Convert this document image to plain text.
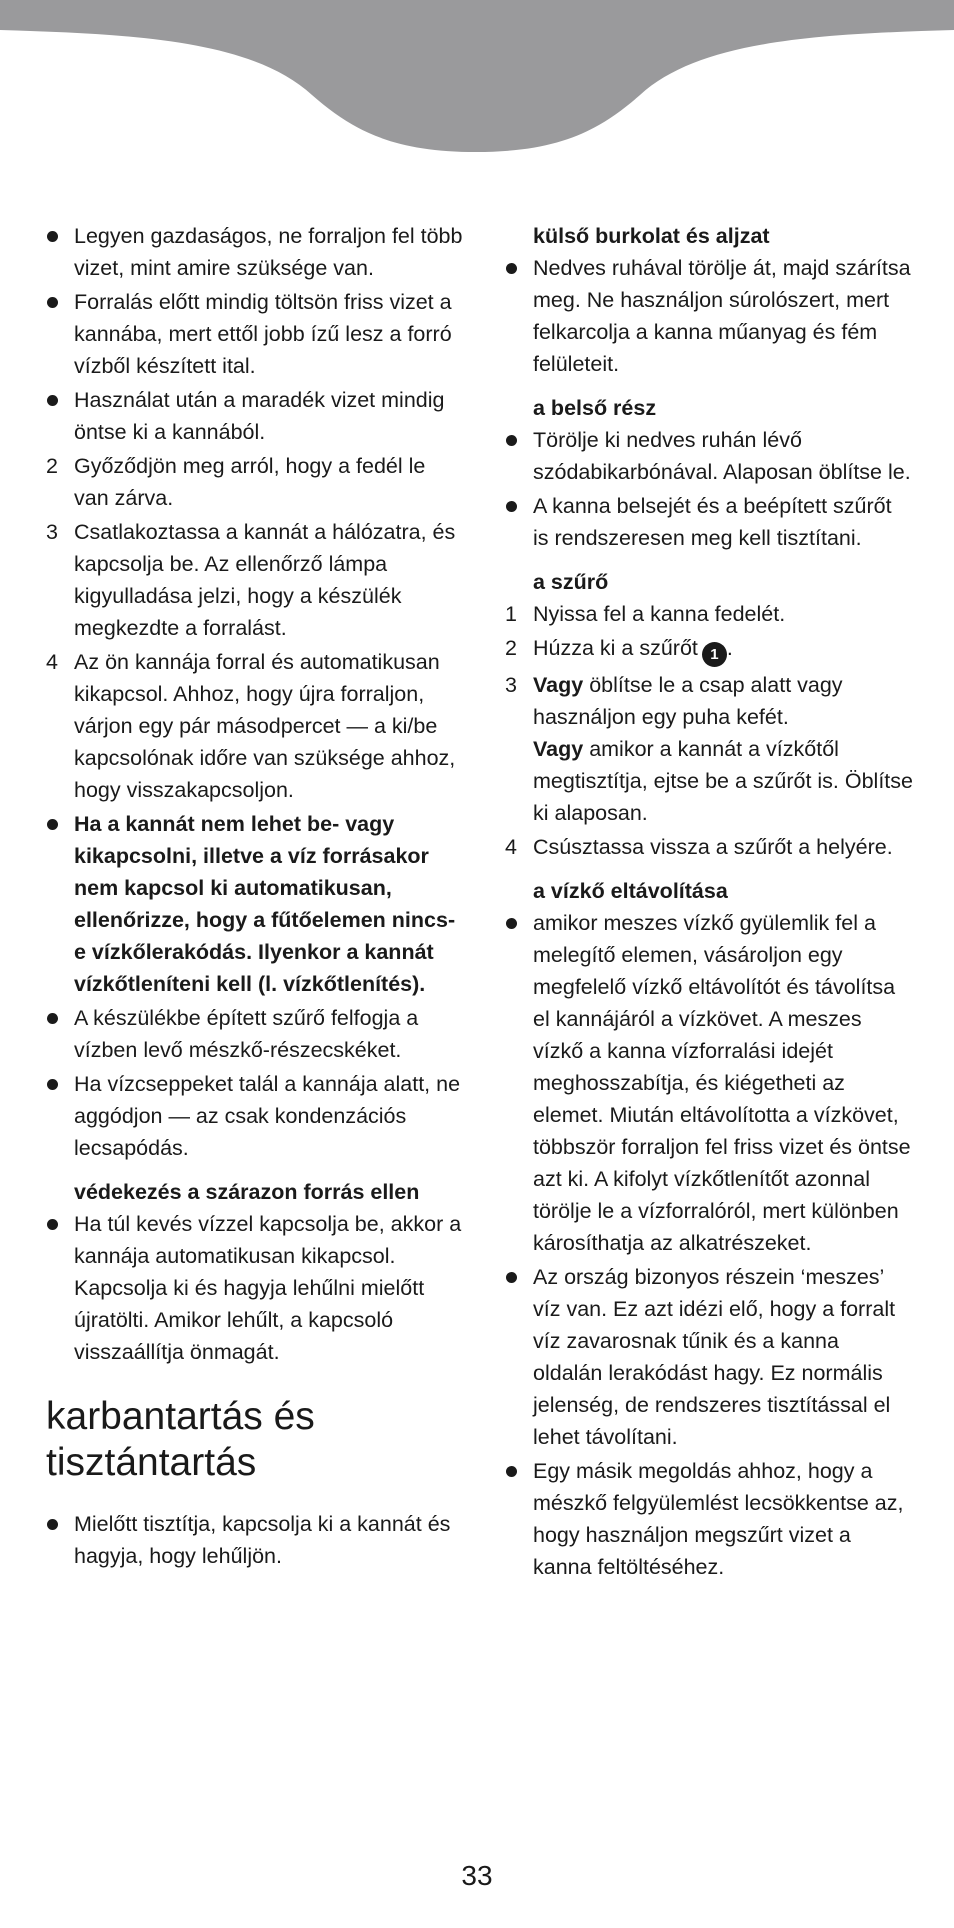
Legyen gazdaságos, ne forraljon fel több vizet, mint amire szüksége van.
Forralás előtt mindig töltsön friss vizet a kannába, mert ettől jobb ízű lesz a forró vízből készített ital.
Használat után a maradék vizet mindig öntse ki a kannából.
2 Győződjön meg arról, hogy a fedél le van zárva.
3 Csatlakoztassa a kannát a hálózatra, és kapcsolja be. Az ellenőrző lámpa kigyulladása jelzi, hogy a készülék megkezdte a forralást.
4 Az ön kannája forral és automatikusan kikapcsol. Ahhoz, hogy újra forraljon, várjon egy pár másodpercet — a ki/be kapcsolónak időre van szüksége ahhoz, hogy visszakapcsoljon.
Ha a kannát nem lehet be- vagy kikapcsolni, illetve a víz forrásakor nem kapcsol ki automatikusan, ellenőrizze, hogy a fűtőelemen nincs-e vízkőlerakódás. Ilyenkor a kannát vízkőtleníteni kell (l. vízkőtlenítés).
A készülékbe épített szűrő felfogja a vízben levő mészkő-részecskéket.
Ha vízcseppeket talál a kannája alatt, ne aggódjon — az csak kondenzációs lecsapódás.
védekezés a szárazon forrás ellen
Ha túl kevés vízzel kapcsolja be, akkor a kannája automatikusan kikapcsol. Kapcsolja ki és hagyja lehűlni mielőtt újratölti. Amikor lehűlt, a kapcsoló visszaállítja önmagát.
karbantartás és tisztántartás
Mielőtt tisztítja, kapcsolja ki a kannát és hagyja, hogy lehűljön.
külső burkolat és aljzat
Nedves ruhával törölje át, majd szárítsa meg. Ne használjon súrolószert, mert felkarcolja a kanna műanyag és fém felületeit.
a belső rész
Törölje ki nedves ruhán lévő szódabikarbónával. Alaposan öblítse le.
A kanna belsejét és a beépített szűrőt is rendszeresen meg kell tisztítani.
a szűrő
1 Nyissa fel a kanna fedelét.
2 Húzza ki a szűrőt 1 .
3 Vagy öblítse le a csap alatt vagy használjon egy puha kefét.
Vagy amikor a kannát a vízkőtől megtisztítja, ejtse be a szűrőt is. Öblítse ki alaposan.
4 Csúsztassa vissza a szűrőt a helyére.
a vízkő eltávolítása
amikor meszes vízkő gyülemlik fel a melegítő elemen, vásároljon egy megfelelő vízkő eltávolítót és távolítsa el kannájáról a vízkövet. A meszes vízkő a kanna vízforralási idejét meghosszabítja, és kiégetheti az elemet. Miután eltávolította a vízkövet, többször forraljon fel friss vizet és öntse azt ki. A kifolyt vízkőtlenítőt azonnal törölje le a vízforralóról, mert különben károsíthatja az alkatrészeket.
Az ország bizonyos részein ‘meszes’ víz van. Ez azt idézi elő, hogy a forralt víz zavarosnak tűnik és a kanna oldalán lerakódást hagy. Ez normális jelenség, de rendszeres tisztítással el lehet távolítani.
Egy másik megoldás ahhoz, hogy a mészkő felgyülemlést lecsökkentse az, hogy használjon megszűrt vizet a kanna feltöltéséhez.
33
